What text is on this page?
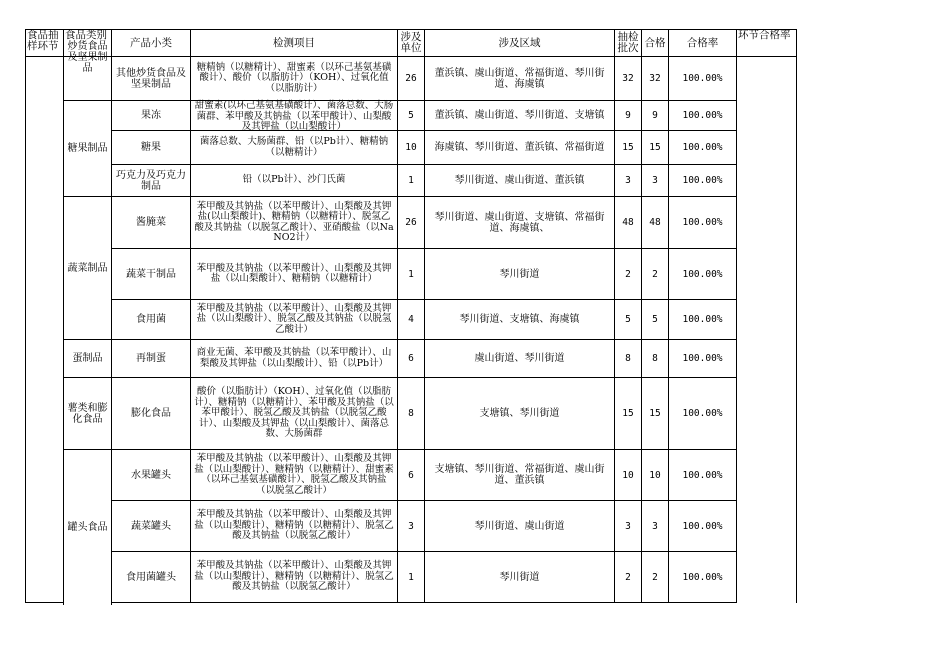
食品抽样环节	食品类别	产品小类	检测项目	涉及单位	涉及区域	抽检批次	合格	合格率	环节合格率

	炒货食品及坚果制品	其他炒货食品及坚果制品	糖精钠（以糖精计）、甜蜜素（以环己基氨基磺酸计）、酸价（以脂肪计）（KOH）、过氧化值（以脂肪计）	26	董浜镇、虞山街道、常福街道、琴川街道、海虞镇	32	32	100.00%	
	糖果制品	果冻	甜蜜素(以环己基氨基磺酸计）、菌落总数、大肠菌群、苯甲酸及其钠盐（以苯甲酸计）、山梨酸及其钾盐（以山梨酸计）	5	董浜镇、虞山街道、琴川街道、支塘镇	9	9	100.00%	
		糖果	菌落总数、大肠菌群、铅（以Pb计）、糖精钠（以糖精计）	10	海虞镇、琴川街道、董浜镇、常福街道	15	15	100.00%	
		巧克力及巧克力制品	铅（以Pb计）、沙门氏菌	1	琴川街道、虞山街道、董浜镇	3	3	100.00%	
	蔬菜制品	酱腌菜	苯甲酸及其钠盐（以苯甲酸计）、山梨酸及其钾盐(以山梨酸计)、糖精钠（以糖精计）、脱氢乙酸及其钠盐（以脱氢乙酸计）、亚硝酸盐（以NaNO2计）	26	琴川街道、虞山街道、支塘镇、常福街道、海虞镇、	48	48	100.00%	
		蔬菜干制品	苯甲酸及其钠盐（以苯甲酸计）、山梨酸及其钾盐（以山梨酸计）、糖精钠（以糖精计）	1	琴川街道	2	2	100.00%	
		食用菌	苯甲酸及其钠盐（以苯甲酸计）、山梨酸及其钾盐（以山梨酸计）、脱氢乙酸及其钠盐（以脱氢乙酸计）	4	琴川街道、支塘镇、海虞镇	5	5	100.00%	
	蛋制品	再制蛋	商业无菌、苯甲酸及其钠盐（以苯甲酸计）、山梨酸及其钾盐（以山梨酸计）、铅（以Pb计）	6	虞山街道、琴川街道	8	8	100.00%	
	薯类和膨化食品	膨化食品	酸价（以脂肪计）（KOH）、过氧化值（以脂肪计）、糖精钠（以糖精计）、苯甲酸及其钠盐（以苯甲酸计）、脱氢乙酸及其钠盐（以脱氢乙酸计）、山梨酸及其钾盐（以山梨酸计）、菌落总数、大肠菌群	8	支塘镇、琴川街道	15	15	100.00%	
	罐头食品	水果罐头	苯甲酸及其钠盐（以苯甲酸计）、山梨酸及其钾盐（以山梨酸计）、糖精钠（以糖精计）、甜蜜素（以环己基氨基磺酸计）、脱氢乙酸及其钠盐（以脱氢乙酸计）	6	支塘镇、琴川街道、常福街道、虞山街道、董浜镇	10	10	100.00%	
		蔬菜罐头	苯甲酸及其钠盐（以苯甲酸计）、山梨酸及其钾盐（以山梨酸计）、糖精钠（以糖精计）、脱氢乙酸及其钠盐（以脱氢乙酸计）	3	琴川街道、虞山街道	3	3	100.00%	
		食用菌罐头	苯甲酸及其钠盐（以苯甲酸计）、山梨酸及其钾盐（以山梨酸计）、糖精钠（以糖精计）、脱氢乙酸及其钠盐（以脱氢乙酸计）	1	琴川街道	2	2	100.00%	
